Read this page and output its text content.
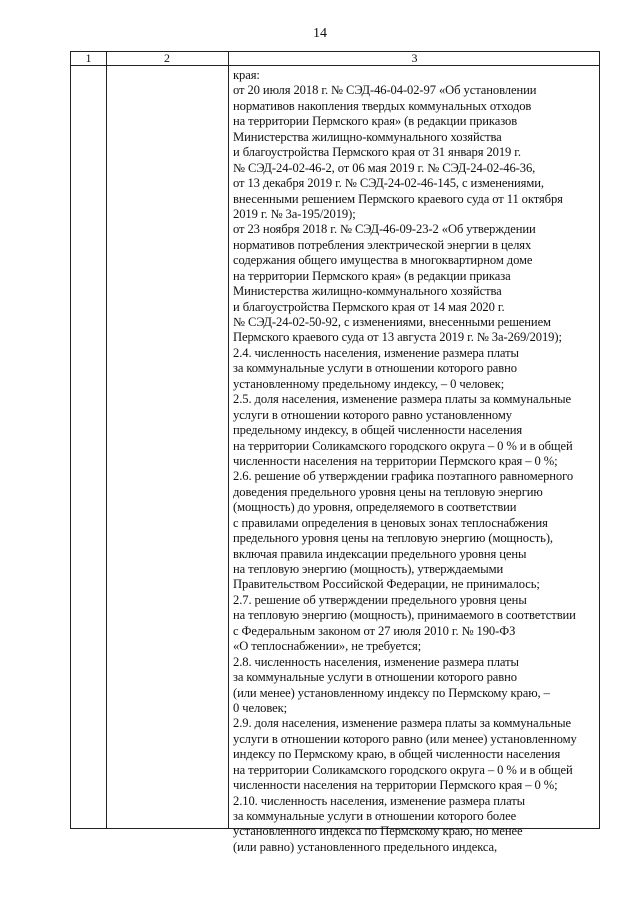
14
1	2	3
края:
от 20 июля 2018 г. № СЭД-46-04-02-97 «Об установлении
нормативов накопления твердых коммунальных отходов
на территории Пермского края» (в редакции приказов
Министерства жилищно-коммунального хозяйства
и благоустройства Пермского края от 31 января 2019 г.
№ СЭД-24-02-46-2, от 06 мая 2019 г. № СЭД-24-02-46-36,
от 13 декабря 2019 г. № СЭД-24-02-46-145, с изменениями,
внесенными решением Пермского краевого суда от 11 октября
2019 г. № 3а-195/2019);
от 23 ноября 2018 г. № СЭД-46-09-23-2 «Об утверждении
нормативов потребления электрической энергии в целях
содержания общего имущества в многоквартирном доме
на территории Пермского края» (в редакции приказа
Министерства жилищно-коммунального хозяйства
и благоустройства Пермского края от 14 мая 2020 г.
№ СЭД-24-02-50-92, с изменениями, внесенными решением
Пермского краевого суда от 13 августа 2019 г. № 3а-269/2019);
2.4. численность населения, изменение размера платы
за коммунальные услуги в отношении которого равно
установленному предельному индексу, – 0 человек;
2.5. доля населения, изменение размера платы за коммунальные
услуги в отношении которого равно установленному
предельному индексу, в общей численности населения
на территории Соликамского городского округа – 0 % и в общей
численности населения на территории Пермского края – 0 %;
2.6. решение об утверждении графика поэтапного равномерного
доведения предельного уровня цены на тепловую энергию
(мощность) до уровня, определяемого в соответствии
с правилами определения в ценовых зонах теплоснабжения
предельного уровня цены на тепловую энергию (мощность),
включая правила индексации предельного уровня цены
на тепловую энергию (мощность), утверждаемыми
Правительством Российской Федерации, не принималось;
2.7. решение об утверждении предельного уровня цены
на тепловую энергию (мощность), принимаемого в соответствии
с Федеральным законом от 27 июля 2010 г. № 190-ФЗ
«О теплоснабжении», не требуется;
2.8. численность населения, изменение размера платы
за коммунальные услуги в отношении которого равно
(или менее) установленному индексу по Пермскому краю, –
0 человек;
2.9. доля населения, изменение размера платы за коммунальные
услуги в отношении которого равно (или менее) установленному
индексу по Пермскому краю, в общей численности населения
на территории Соликамского городского округа – 0 % и в общей
численности населения на территории Пермского края – 0 %;
2.10. численность населения, изменение размера платы
за коммунальные услуги в отношении которого более
установленного индекса по Пермскому краю, но менее
(или равно) установленного предельного индекса,
